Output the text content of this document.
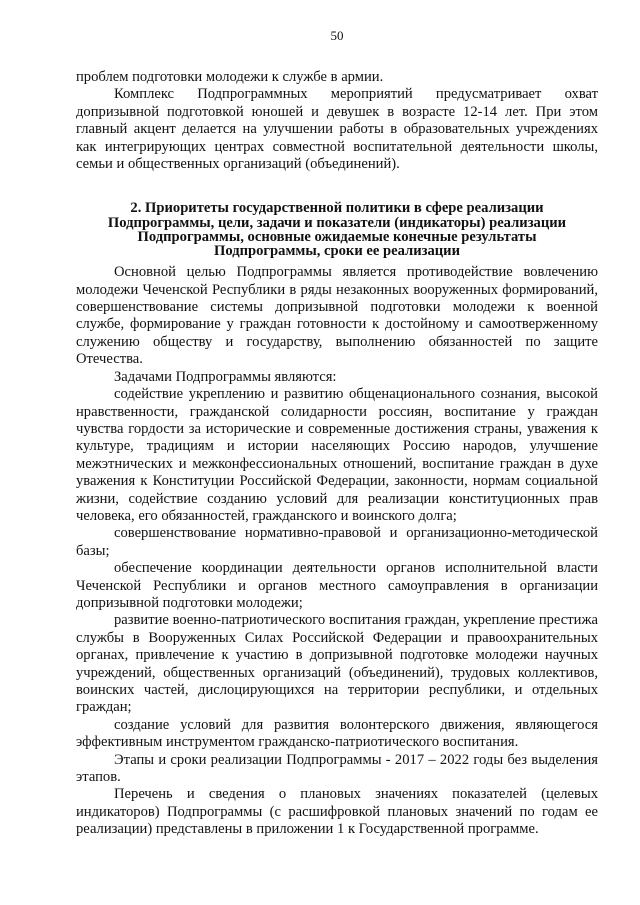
50

проблем подготовки молодежи к службе в армии.

Комплекс Подпрограммных мероприятий предусматривает охват допризывной подготовкой юношей и девушек в возрасте 12-14 лет. При этом главный акцент делается на улучшении работы в образовательных учреждениях как интегрирующих центрах совместной воспитательной деятельности школы, семьи и общественных организаций (объединений).

2. Приоритеты государственной политики в сфере реализации
Подпрограммы, цели, задачи и показатели (индикаторы) реализации
Подпрограммы, основные ожидаемые конечные результаты
Подпрограммы, сроки ее реализации

Основной целью Подпрограммы является противодействие вовлечению молодежи Чеченской Республики в ряды незаконных вооруженных формирований, совершенствование системы допризывной подготовки молодежи к военной службе, формирование у граждан готовности к достойному и самоотверженному служению обществу и государству, выполнению обязанностей по защите Отечества.

Задачами Подпрограммы являются:

содействие укреплению и развитию общенационального сознания, высокой нравственности, гражданской солидарности россиян, воспитание у граждан чувства гордости за исторические и современные достижения страны, уважения к культуре, традициям и истории населяющих Россию народов, улучшение межэтнических и межконфессиональных отношений, воспитание граждан в духе уважения к Конституции Российской Федерации, законности, нормам социальной жизни, содействие созданию условий для реализации конституционных прав человека, его обязанностей, гражданского и воинского долга;

совершенствование нормативно-правовой и организационно-методической базы;

обеспечение координации деятельности органов исполнительной власти Чеченской Республики и органов местного самоуправления в организации допризывной подготовки молодежи;

развитие военно-патриотического воспитания граждан, укрепление престижа службы в Вооруженных Силах Российской Федерации и правоохранительных органах, привлечение к участию в допризывной подготовке молодежи научных учреждений, общественных организаций (объединений), трудовых коллективов, воинских частей, дислоцирующихся на территории республики, и отдельных граждан;

создание условий для развития волонтерского движения, являющегося эффективным инструментом гражданско-патриотического воспитания.

Этапы и сроки реализации Подпрограммы - 2017 – 2022 годы без выделения этапов.

Перечень и сведения о плановых значениях показателей (целевых индикаторов) Подпрограммы (с расшифровкой плановых значений по годам ее реализации) представлены в приложении 1 к Государственной программе.
